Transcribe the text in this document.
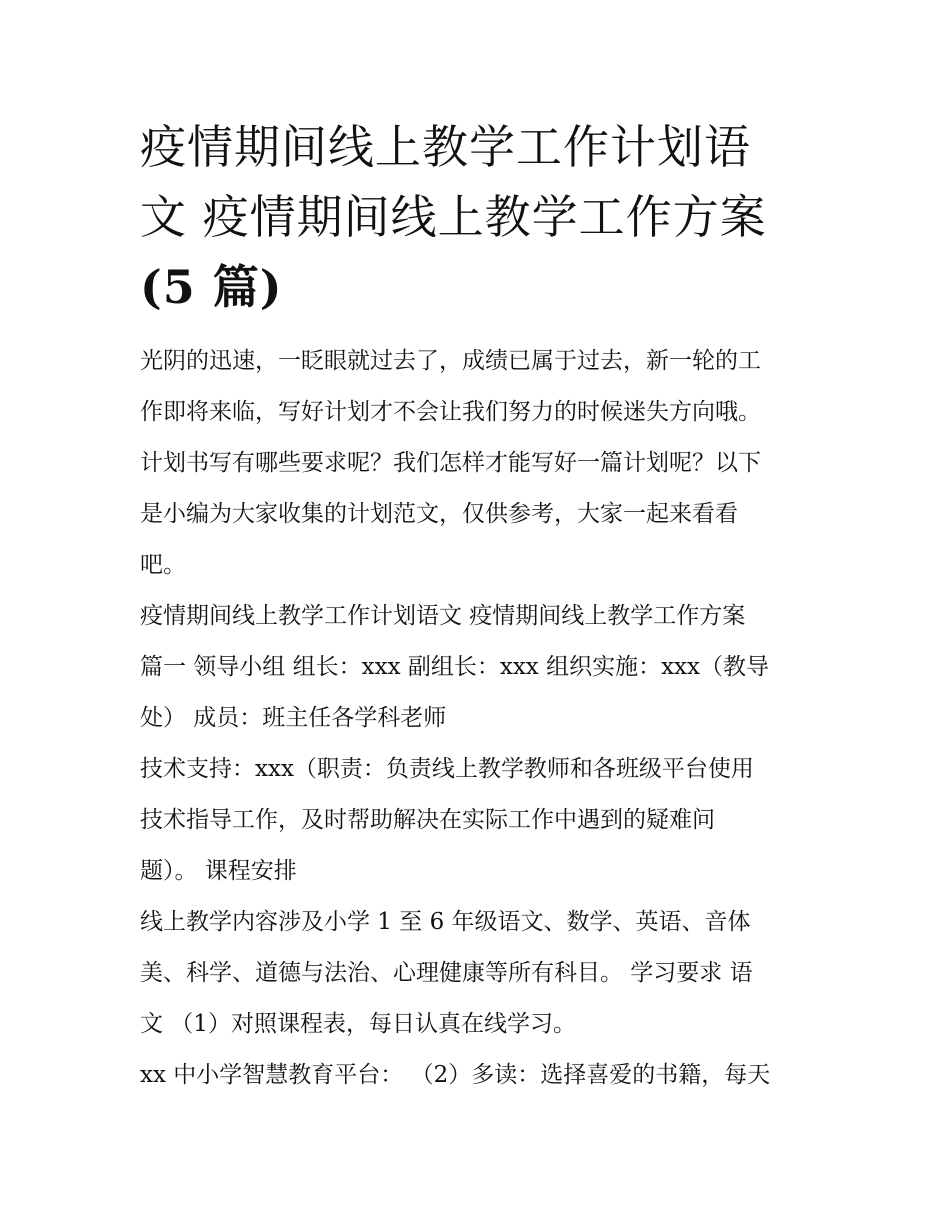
疫情期间线上教学工作计划语
文 疫情期间线上教学工作方案
(5 篇)
光阴的迅速，一眨眼就过去了，成绩已属于过去，新一轮的工
作即将来临，写好计划才不会让我们努力的时候迷失方向哦。
计划书写有哪些要求呢？我们怎样才能写好一篇计划呢？以下
是小编为大家收集的计划范文，仅供参考，大家一起来看看
吧。
疫情期间线上教学工作计划语文 疫情期间线上教学工作方案
篇一 领导小组 组长：xxx 副组长：xxx 组织实施：xxx（教导
处） 成员：班主任各学科老师
技术支持：xxx（职责：负责线上教学教师和各班级平台使用
技术指导工作，及时帮助解决在实际工作中遇到的疑难问
题）。 课程安排
线上教学内容涉及小学 1 至 6 年级语文、数学、英语、音体
美、科学、道德与法治、心理健康等所有科目。 学习要求 语
文 （1）对照课程表，每日认真在线学习。
xx 中小学智慧教育平台： （2）多读：选择喜爱的书籍，每天
